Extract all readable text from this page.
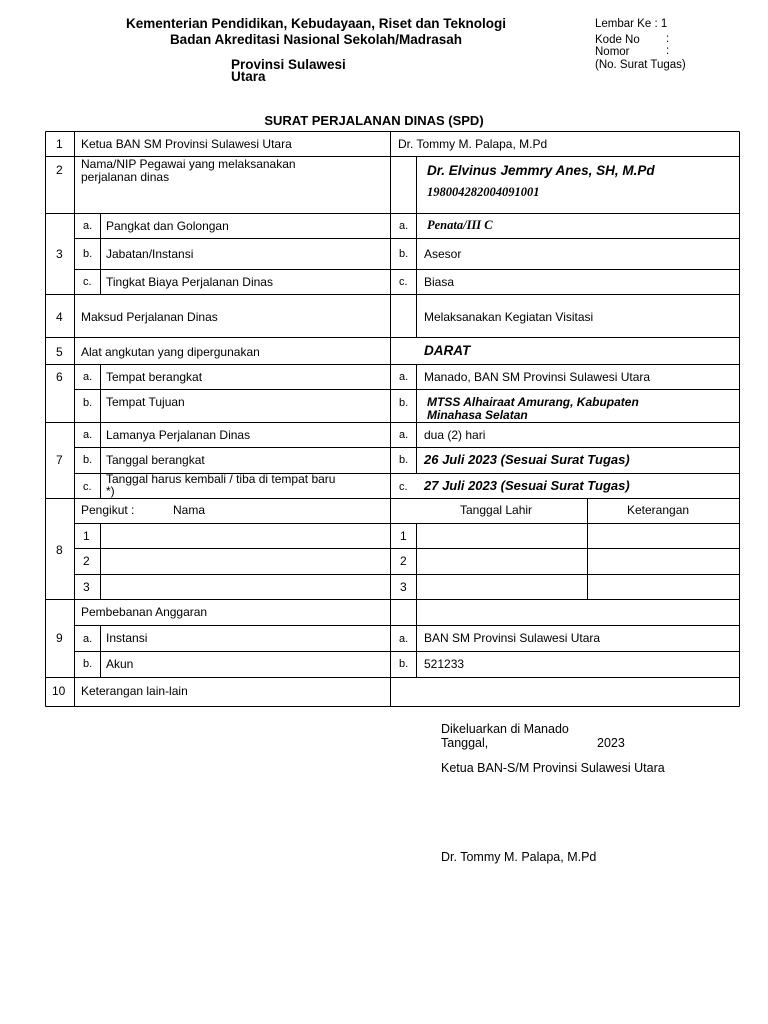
Kementerian Pendidikan, Kebudayaan, Riset dan Teknologi
Badan Akreditasi Nasional Sekolah/Madrasah
Provinsi Sulawesi
Utara
Lembar Ke : 1
Kode No :
Nomor	:
(No. Surat Tugas)
SURAT PERJALANAN DINAS (SPD)
1 Ketua BAN SM Provinsi Sulawesi Utara	Dr. Tommy M. Palapa, M.Pd
2 Nama/NIP Pegawai yang melaksanakan
perjalanan dinas	Dr. Elvinus Jemmry Anes, SH, M.Pd
198004282004091001
3
a. Pangkat dan Golongan	a. Penata/III C
b. Jabatan/Instansi	b. Asesor
c. Tingkat Biaya Perjalanan Dinas	c. Biasa
4 Maksud Perjalanan Dinas	Melaksanakan Kegiatan Visitasi
5 Alat angkutan yang dipergunakan	DARAT
6 a. Tempat berangkat	a. Manado, BAN SM Provinsi Sulawesi Utara
b. Tempat Tujuan	b. MTSS Alhairaat Amurang, Kabupaten
Minahasa Selatan
7
a. Lamanya Perjalanan Dinas	a. dua (2) hari
b. Tanggal berangkat	b. 26 Juli 2023 (Sesuai Surat Tugas)
c.
Tanggal harus kembali / tiba di tempat baru
*)	c. 27 Juli 2023 (Sesuai Surat Tugas)
8
Pengikut :	Nama	Tanggal Lahir	Keterangan
1	1
2	2
3	3
9
Pembebanan Anggaran
a. Instansi	a. BAN SM Provinsi Sulawesi Utara
b. Akun	b. 521233
10 Keterangan lain-lain
Dikeluarkan di Manado
Tanggal,	2023
Ketua BAN-S/M Provinsi Sulawesi Utara
Dr. Tommy M. Palapa, M.Pd
